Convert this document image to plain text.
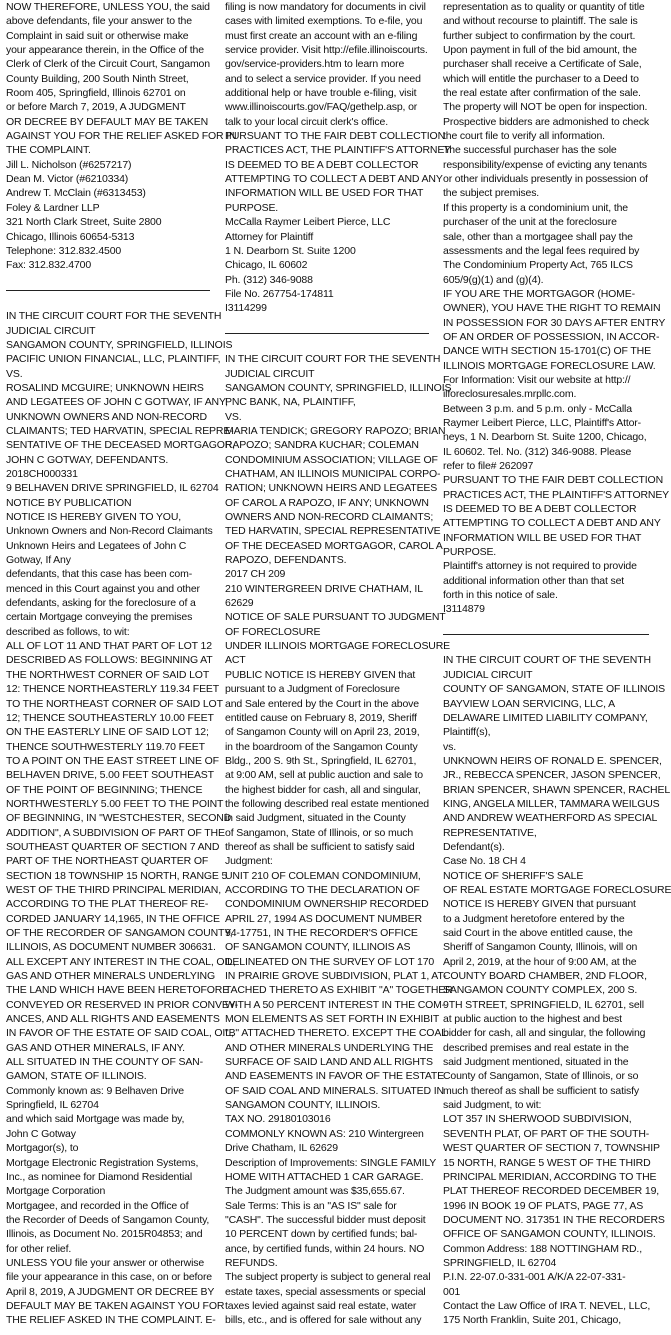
NOW THEREFORE, UNLESS YOU, the said
above defendants, file your answer to the
Complaint in said suit or otherwise make
your appearance therein, in the Office of the
Clerk of Clerk of the Circuit Court, Sangamon
County Building, 200 South Ninth Street,
Room 405, Springfield, Illinois 62701 on
or before March 7, 2019, A JUDGMENT
OR DECREE BY DEFAULT MAY BE TAKEN
AGAINST YOU FOR THE RELIEF ASKED FOR IN
THE COMPLAINT.
Jill L. Nicholson (#6257217)
Dean M. Victor (#6210334)
Andrew T. McClain (#6313453)
Foley & Lardner LLP
321 North Clark Street, Suite 2800
Chicago, Illinois 60654-5313
Telephone: 312.832.4500
Fax: 312.832.4700
IN THE CIRCUIT COURT FOR THE SEVENTH
JUDICIAL CIRCUIT
SANGAMON COUNTY, SPRINGFIELD, ILLINOIS
PACIFIC UNION FINANCIAL, LLC, PLAINTIFF,
VS.
ROSALIND MCGUIRE; UNKNOWN HEIRS
AND LEGATEES OF JOHN C GOTWAY, IF ANY;
UNKNOWN OWNERS AND NON-RECORD
CLAIMANTS; TED HARVATIN, SPECIAL REPRE-
SENTATIVE OF THE DECEASED MORTGAGOR,
JOHN C GOTWAY, DEFENDANTS.
2018CH000331
9 BELHAVEN DRIVE SPRINGFIELD, IL 62704
NOTICE BY PUBLICATION
NOTICE IS HEREBY GIVEN TO YOU,
Unknown Owners and Non-Record Claimants
Unknown Heirs and Legatees of John C
Gotway, If Any
defendants, that this case has been com-
menced in this Court against you and other
defendants, asking for the foreclosure of a
certain Mortgage conveying the premises
described as follows, to wit:
ALL OF LOT 11 AND THAT PART OF LOT 12
DESCRIBED AS FOLLOWS: BEGINNING AT
THE NORTHWEST CORNER OF SAID LOT
12: THENCE NORTHEASTERLY 119.34 FEET
TO THE NORTHEAST CORNER OF SAID LOT
12; THENCE SOUTHEASTERLY 10.00 FEET
ON THE EASTERLY LINE OF SAID LOT 12;
THENCE SOUTHWESTERLY 119.70 FEET
TO A POINT ON THE EAST STREET LINE OF
BELHAVEN DRIVE, 5.00 FEET SOUTHEAST
OF THE POINT OF BEGINNING; THENCE
NORTHWESTERLY 5.00 FEET TO THE POINT
OF BEGINNING, IN "WESTCHESTER, SECOND
ADDITION", A SUBDIVISION OF PART OF THE
SOUTHEAST QUARTER OF SECTION 7 AND
PART OF THE NORTHEAST QUARTER OF
SECTION 18 TOWNSHIP 15 NORTH, RANGE 5
WEST OF THE THIRD PRINCIPAL MERIDIAN,
ACCORDING TO THE PLAT THEREOF RE-
CORDED JANUARY 14,1965, IN THE OFFICE
OF THE RECORDER OF SANGAMON COUNTY,
ILLINOIS, AS DOCUMENT NUMBER 306631.
ALL EXCEPT ANY INTEREST IN THE COAL, OIL,
GAS AND OTHER MINERALS UNDERLYING
THE LAND WHICH HAVE BEEN HERETOFORE
CONVEYED OR RESERVED IN PRIOR CONVEY-
ANCES, AND ALL RIGHTS AND EASEMENTS
IN FAVOR OF THE ESTATE OF SAID COAL, OIL,
GAS AND OTHER MINERALS, IF ANY.
ALL SITUATED IN THE COUNTY OF SAN-
GAMON, STATE OF ILLINOIS.
Commonly known as: 9 Belhaven Drive
Springfield, IL 62704
and which said Mortgage was made by,
John C Gotway
Mortgagor(s), to
Mortgage Electronic Registration Systems,
Inc., as nominee for Diamond Residential
Mortgage Corporation
Mortgagee, and recorded in the Office of
the Recorder of Deeds of Sangamon County,
Illinois, as Document No. 2015R04853; and
for other relief.
UNLESS YOU file your answer or otherwise
file your appearance in this case, on or before
April 8, 2019, A JUDGMENT OR DECREE BY
DEFAULT MAY BE TAKEN AGAINST YOU FOR
THE RELIEF ASKED IN THE COMPLAINT. E-
filing is now mandatory for documents in civil
cases with limited exemptions. To e-file, you
must first create an account with an e-filing
service provider. Visit http://efile.illinoiscourts.
gov/service-providers.htm to learn more
and to select a service provider. If you need
additional help or have trouble e-filing, visit
www.illinoiscourts.gov/FAQ/gethelp.asp, or
talk to your local circuit clerk's office.
PURSUANT TO THE FAIR DEBT COLLECTION
PRACTICES ACT, THE PLAINTIFF'S ATTORNEY
IS DEEMED TO BE A DEBT COLLECTOR
ATTEMPTING TO COLLECT A DEBT AND ANY
INFORMATION WILL BE USED FOR THAT
PURPOSE.
McCalla Raymer Leibert Pierce, LLC
Attorney for Plaintiff
1 N. Dearborn St. Suite 1200
Chicago, IL 60602
Ph. (312) 346-9088
File No. 267754-174811
I3114299
IN THE CIRCUIT COURT FOR THE SEVENTH
JUDICIAL CIRCUIT
SANGAMON COUNTY, SPRINGFIELD, ILLINOIS
PNC BANK, NA, PLAINTIFF,
VS.
MARIA TENDICK; GREGORY RAPOZO; BRIAN
RAPOZO; SANDRA KUCHAR; COLEMAN
CONDOMINIUM ASSOCIATION; VILLAGE OF
CHATHAM, AN ILLINOIS MUNICIPAL CORPO-
RATION; UNKNOWN HEIRS AND LEGATEES
OF CAROL A RAPOZO, IF ANY; UNKNOWN
OWNERS AND NON-RECORD CLAIMANTS;
TED HARVATIN, SPECIAL REPRESENTATIVE
OF THE DECEASED MORTGAGOR, CAROL A
RAPOZO, DEFENDANTS.
2017 CH 209
210 WINTERGREEN DRIVE CHATHAM, IL
62629
NOTICE OF SALE PURSUANT TO JUDGMENT
OF FORECLOSURE
UNDER ILLINOIS MORTGAGE FORECLOSURE
ACT
PUBLIC NOTICE IS HEREBY GIVEN that
pursuant to a Judgment of Foreclosure
and Sale entered by the Court in the above
entitled cause on February 8, 2019, Sheriff
of Sangamon County will on April 23, 2019,
in the boardroom of the Sangamon County
Bldg., 200 S. 9th St., Springfield, IL 62701,
at 9:00 AM, sell at public auction and sale to
the highest bidder for cash, all and singular,
the following described real estate mentioned
in said Judgment, situated in the County
of Sangamon, State of Illinois, or so much
thereof as shall be sufficient to satisfy said
Judgment:
UNIT 210 OF COLEMAN CONDOMINIUM,
ACCORDING TO THE DECLARATION OF
CONDOMINIUM OWNERSHIP RECORDED
APRIL 27, 1994 AS DOCUMENT NUMBER
94-17751, IN THE RECORDER'S OFFICE
OF SANGAMON COUNTY, ILLINOIS AS
DELINEATED ON THE SURVEY OF LOT 170
IN PRAIRIE GROVE SUBDIVISION, PLAT 1, AT-
TACHED THERETO AS EXHIBIT "A" TOGETHER
WITH A 50 PERCENT INTEREST IN THE COM-
MON ELEMENTS AS SET FORTH IN EXHIBIT
"B" ATTACHED THERETO. EXCEPT THE COAL
AND OTHER MINERALS UNDERLYING THE
SURFACE OF SAID LAND AND ALL RIGHTS
AND EASEMENTS IN FAVOR OF THE ESTATE
OF SAID COAL AND MINERALS. SITUATED IN
SANGAMON COUNTY, ILLINOIS.
TAX NO. 29180103016
COMMONLY KNOWN AS: 210 Wintergreen
Drive Chatham, IL 62629
Description of Improvements: SINGLE FAMILY
HOME WITH ATTACHED 1 CAR GARAGE.
The Judgment amount was $35,655.67.
Sale Terms: This is an "AS IS" sale for
"CASH". The successful bidder must deposit
10 PERCENT down by certified funds; bal-
ance, by certified funds, within 24 hours. NO
REFUNDS.
The subject property is subject to general real
estate taxes, special assessments or special
taxes levied against said real estate, water
bills, etc., and is offered for sale without any
representation as to quality or quantity of title
and without recourse to plaintiff. The sale is
further subject to confirmation by the court.
Upon payment in full of the bid amount, the
purchaser shall receive a Certificate of Sale,
which will entitle the purchaser to a Deed to
the real estate after confirmation of the sale.
The property will NOT be open for inspection.
Prospective bidders are admonished to check
the court file to verify all information.
The successful purchaser has the sole
responsibility/expense of evicting any tenants
or other individuals presently in possession of
the subject premises.
If this property is a condominium unit, the
purchaser of the unit at the foreclosure
sale, other than a mortgagee shall pay the
assessments and the legal fees required by
The Condominium Property Act, 765 ILCS
605/9(g)(1) and (g)(4).
IF YOU ARE THE MORTGAGOR (HOME-
OWNER), YOU HAVE THE RIGHT TO REMAIN
IN POSSESSION FOR 30 DAYS AFTER ENTRY
OF AN ORDER OF POSSESSION, IN ACCOR-
DANCE WITH SECTION 15-1701(C) OF THE
ILLINOIS MORTGAGE FORECLOSURE LAW.
For Information: Visit our website at http://
ilforeclosuresales.mrpllc.com.
Between 3 p.m. and 5 p.m. only - McCalla
Raymer Leibert Pierce, LLC, Plaintiff's Attor-
neys, 1 N. Dearborn St. Suite 1200, Chicago,
IL 60602. Tel. No. (312) 346-9088. Please
refer to file# 262097
PURSUANT TO THE FAIR DEBT COLLECTION
PRACTICES ACT, THE PLAINTIFF'S ATTORNEY
IS DEEMED TO BE A DEBT COLLECTOR
ATTEMPTING TO COLLECT A DEBT AND ANY
INFORMATION WILL BE USED FOR THAT
PURPOSE.
Plaintiff's attorney is not required to provide
additional information other than that set
forth in this notice of sale.
I3114879
IN THE CIRCUIT COURT OF THE SEVENTH
JUDICIAL CIRCUIT
COUNTY OF SANGAMON, STATE OF ILLINOIS
BAYVIEW LOAN SERVICING, LLC, A
DELAWARE LIMITED LIABILITY COMPANY,
Plaintiff(s),
vs.
UNKNOWN HEIRS OF RONALD E. SPENCER,
JR., REBECCA SPENCER, JASON SPENCER,
BRIAN SPENCER, SHAWN SPENCER, RACHEL
KING, ANGELA MILLER, TAMMARA WEILGUS
AND ANDREW WEATHERFORD AS SPECIAL
REPRESENTATIVE,
Defendant(s).
Case No. 18 CH 4
NOTICE OF SHERIFF'S SALE
OF REAL ESTATE MORTGAGE FORECLOSURE
NOTICE IS HEREBY GIVEN that pursuant
to a Judgment heretofore entered by the
said Court in the above entitled cause, the
Sheriff of Sangamon County, Illinois, will on
April 2, 2019, at the hour of 9:00 AM, at the
COUNTY BOARD CHAMBER, 2ND FLOOR,
SANGAMON COUNTY COMPLEX, 200 S.
9TH STREET, SPRINGFIELD, IL 62701, sell
at public auction to the highest and best
bidder for cash, all and singular, the following
described premises and real estate in the
said Judgment mentioned, situated in the
County of Sangamon, State of Illinois, or so
much thereof as shall be sufficient to satisfy
said Judgment, to wit:
LOT 357 IN SHERWOOD SUBDIVISION,
SEVENTH PLAT, OF PART OF THE SOUTH-
WEST QUARTER OF SECTION 7, TOWNSHIP
15 NORTH, RANGE 5 WEST OF THE THIRD
PRINCIPAL MERIDIAN, ACCORDING TO THE
PLAT THEREOF RECORDED DECEMBER 19,
1996 IN BOOK 19 OF PLATS, PAGE 77, AS
DOCUMENT NO. 317351 IN THE RECORDERS
OFFICE OF SANGAMON COUNTY, ILLINOIS.
Common Address: 188 NOTTINGHAM RD.,
SPRINGFIELD, IL 62704
P.I.N. 22-07.0-331-001 A/K/A 22-07-331-
001
Contact the Law Office of IRA T. NEVEL, LLC,
175 North Franklin, Suite 201, Chicago,
